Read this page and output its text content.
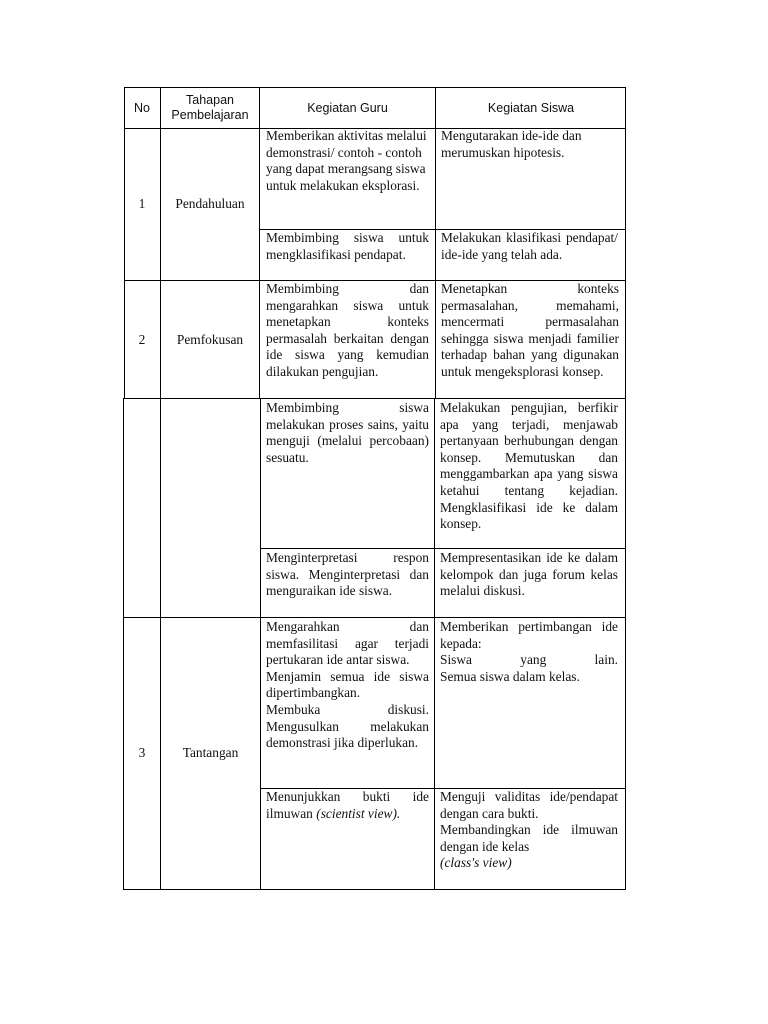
No
Tahapan
Pembelajaran
Kegiatan Guru	Kegiatan Siswa
1 Pendahuluan
Memberikan aktivitas melalui demonstrasi/ contoh - contoh yang dapat merangsang siswa untuk melakukan eksplorasi.
Mengutarakan ide-ide dan merumuskan hipotesis.
Membimbing siswa untuk mengklasifikasi pendapat.
Melakukan klasifikasi pendapat/ ide-ide yang telah ada.
2 Pemfokusan
Membimbing dan mengarahkan siswa untuk menetapkan konteks permasalah berkaitan dengan ide siswa yang kemudian dilakukan pengujian.
Menetapkan konteks permasalahan, memahami, mencermati permasalahan sehingga siswa menjadi familier terhadap bahan yang digunakan untuk mengeksplorasi konsep.
Membimbing siswa melakukan proses sains, yaitu menguji (melalui percobaan) sesuatu.
Melakukan pengujian, berfikir apa yang terjadi, menjawab pertanyaan berhubungan dengan konsep. Memutuskan dan menggambarkan apa yang siswa ketahui tentang kejadian. Mengklasifikasi ide ke dalam konsep.
Menginterpretasi respon siswa. Menginterpretasi dan menguraikan ide siswa.
Mempresentasikan ide ke dalam kelompok dan juga forum kelas melalui diskusi.
3	Tantangan
Mengarahkan dan memfasilitasi agar terjadi pertukaran ide antar siswa.
Menjamin semua ide siswa dipertimbangkan.
Membuka diskusi.
Mengusulkan melakukan demonstrasi jika diperlukan.
Memberikan pertimbangan ide kepada:
Siswa yang lain.
Semua siswa dalam kelas.
Menunjukkan bukti ide ilmuwan (scientist view).
Menguji validitas ide/pendapat dengan cara bukti.
Membandingkan ide ilmuwan dengan ide kelas
(class's view)
